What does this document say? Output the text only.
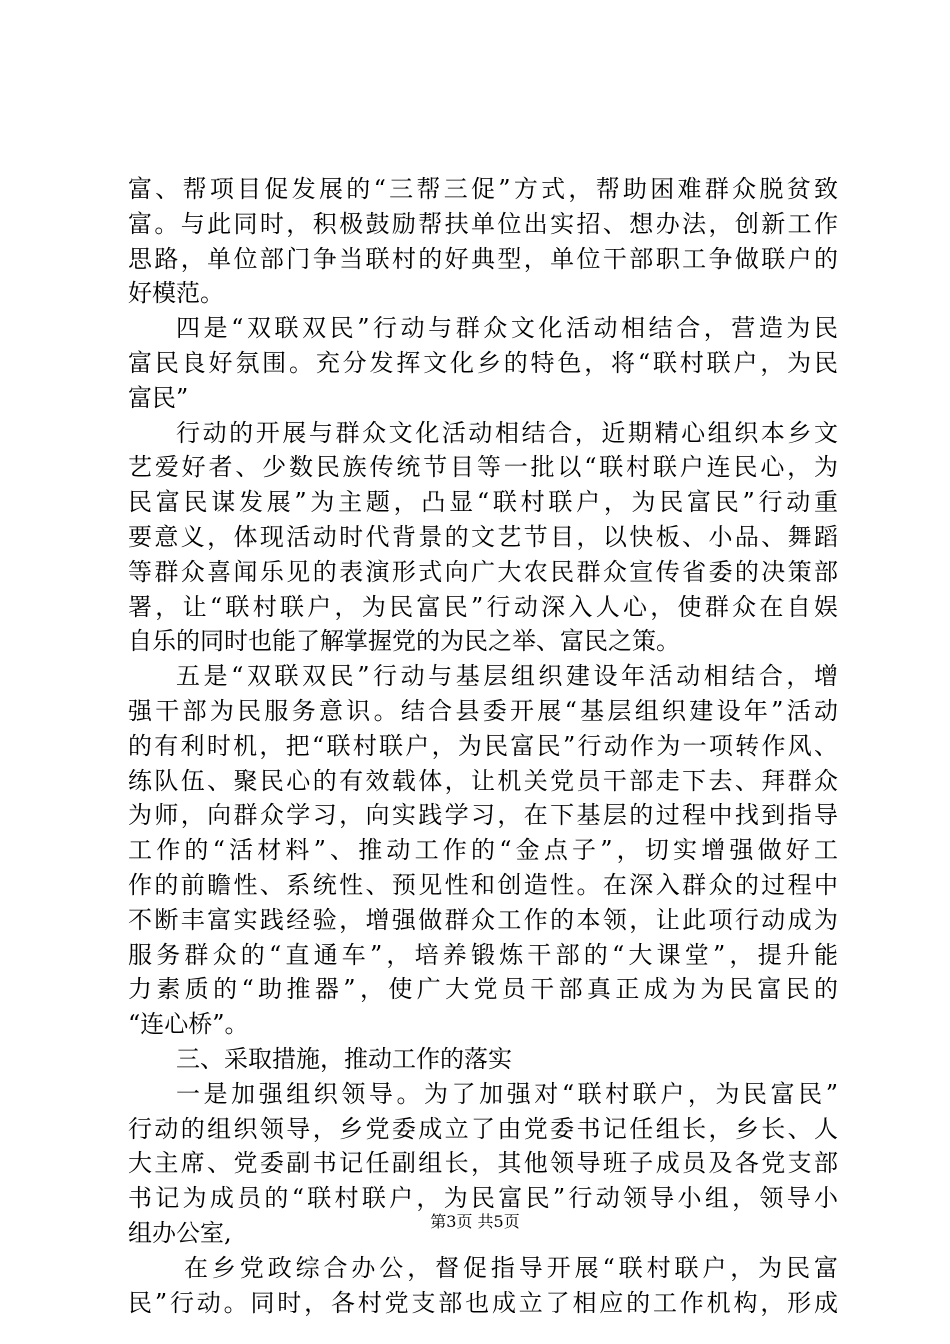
富、帮项目促发展的“三帮三促”方式，帮助困难群众脱贫致
富。与此同时，积极鼓励帮扶单位出实招、想办法，创新工作
思路，单位部门争当联村的好典型，单位干部职工争做联户的
好模范。
四是“双联双民”行动与群众文化活动相结合，营造为民
富民良好氛围。充分发挥文化乡的特色，将“联村联户，为民
富民”
行动的开展与群众文化活动相结合，近期精心组织本乡文
艺爱好者、少数民族传统节目等一批以“联村联户连民心，为
民富民谋发展”为主题，凸显“联村联户，为民富民”行动重
要意义，体现活动时代背景的文艺节目，以快板、小品、舞蹈
等群众喜闻乐见的表演形式向广大农民群众宣传省委的决策部
署，让“联村联户，为民富民”行动深入人心，使群众在自娱
自乐的同时也能了解掌握党的为民之举、富民之策。
五是“双联双民”行动与基层组织建设年活动相结合，增
强干部为民服务意识。结合县委开展“基层组织建设年”活动
的有利时机，把“联村联户，为民富民”行动作为一项转作风、
练队伍、聚民心的有效载体，让机关党员干部走下去、拜群众
为师，向群众学习，向实践学习，在下基层的过程中找到指导
工作的“活材料”、推动工作的“金点子”，切实增强做好工
作的前瞻性、系统性、预见性和创造性。在深入群众的过程中
不断丰富实践经验，增强做群众工作的本领，让此项行动成为
服务群众的“直通车”，培养锻炼干部的“大课堂”，提升能
力素质的“助推器”，使广大党员干部真正成为为民富民的
“连心桥”。
三、采取措施，推动工作的落实
一是加强组织领导。为了加强对“联村联户，为民富民”
行动的组织领导，乡党委成立了由党委书记任组长，乡长、人
大主席、党委副书记任副组长，其他领导班子成员及各党支部
书记为成员的“联村联户，为民富民”行动领导小组，领导小
组办公室,
在乡党政综合办公，督促指导开展“联村联户，为民富
民”行动。同时，各村党支部也成立了相应的工作机构，形成
第3页 共5页
